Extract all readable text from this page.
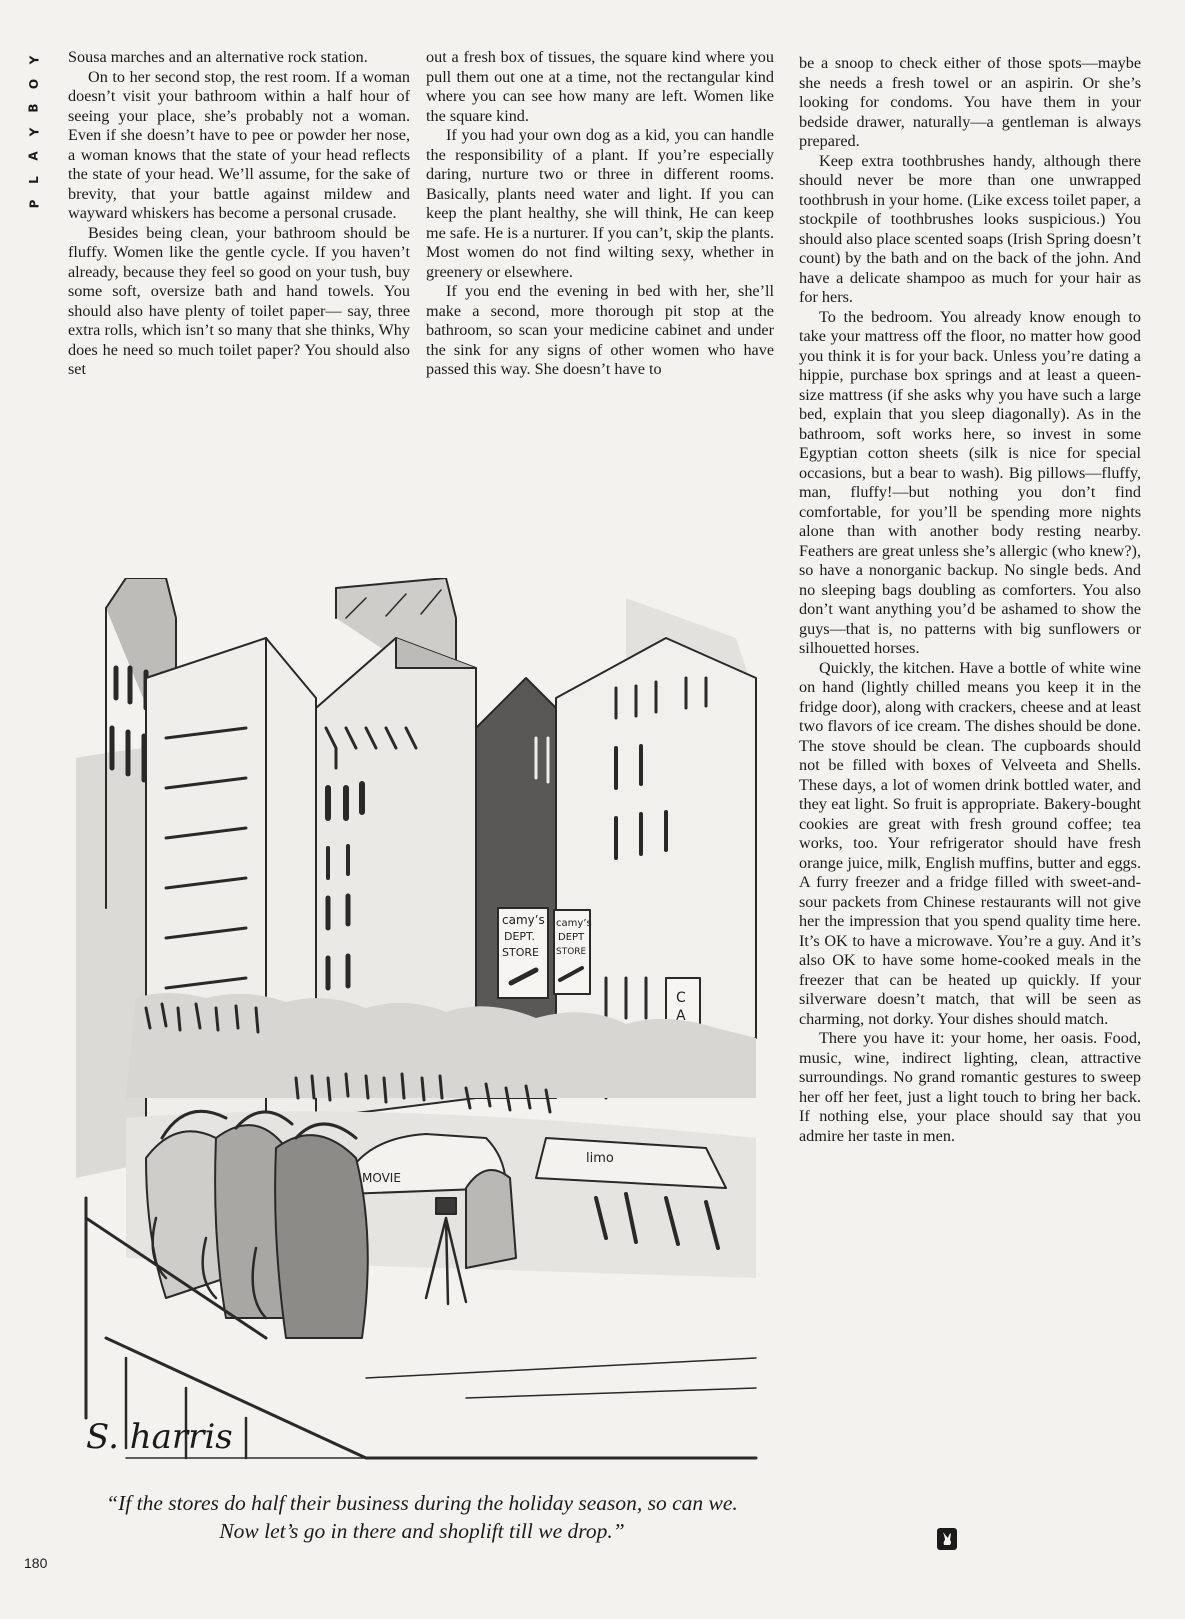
Y
O
B
Y
A
L
P

Sousa marches and an alternative rock station.

On to her second stop, the rest room. If a woman doesn’t visit your bathroom within a half hour of seeing your place, she’s probably not a woman. Even if she doesn’t have to pee or powder her nose, a woman knows that the state of your head reflects the state of your head. We’ll assume, for the sake of brevity, that your battle against mildew and wayward whiskers has become a personal crusade.

Besides being clean, your bathroom should be fluffy. Women like the gentle cycle. If you haven’t already, because they feel so good on your tush, buy some soft, oversize bath and hand towels. You should also have plenty of toilet paper— say, three extra rolls, which isn’t so many that she thinks, Why does he need so much toilet paper? You should also set

out a fresh box of tissues, the square kind where you pull them out one at a time, not the rectangular kind where you can see how many are left. Women like the square kind.

If you had your own dog as a kid, you can handle the responsibility of a plant. If you’re especially daring, nurture two or three in different rooms. Basically, plants need water and light. If you can keep the plant healthy, she will think, He can keep me safe. He is a nurturer. If you can’t, skip the plants. Most women do not find wilting sexy, whether in greenery or elsewhere.

If you end the evening in bed with her, she’ll make a second, more thorough pit stop at the bathroom, so scan your medicine cabinet and under the sink for any signs of other women who have passed this way. She doesn’t have to

be a snoop to check either of those spots—maybe she needs a fresh towel or an aspirin. Or she’s looking for condoms. You have them in your bedside drawer, naturally—a gentleman is always prepared.

Keep extra toothbrushes handy, although there should never be more than one unwrapped toothbrush in your home. (Like excess toilet paper, a stockpile of toothbrushes looks suspicious.) You should also place scented soaps (Irish Spring doesn’t count) by the bath and on the back of the john. And have a delicate shampoo as much for your hair as for hers.

To the bedroom. You already know enough to take your mattress off the floor, no matter how good you think it is for your back. Unless you’re dating a hippie, purchase box springs and at least a queen-size mattress (if she asks why you have such a large bed, explain that you sleep diagonally). As in the bathroom, soft works here, so invest in some Egyptian cotton sheets (silk is nice for special occasions, but a bear to wash). Big pillows—fluffy, man, fluffy!—but nothing you don’t find comfortable, for you’ll be spending more nights alone than with another body resting nearby. Feathers are great unless she’s allergic (who knew?), so have a nonorganic backup. No single beds. And no sleeping bags doubling as comforters. You also don’t want anything you’d be ashamed to show the guys—that is, no patterns with big sunflowers or silhouetted horses.

Quickly, the kitchen. Have a bottle of white wine on hand (lightly chilled means you keep it in the fridge door), along with crackers, cheese and at least two flavors of ice cream. The dishes should be done. The stove should be clean. The cupboards should not be filled with boxes of Velveeta and Shells. These days, a lot of women drink bottled water, and they eat light. So fruit is appropriate. Bakery-bought cookies are great with fresh ground coffee; tea works, too. Your refrigerator should have fresh orange juice, milk, English muffins, butter and eggs. A furry freezer and a fridge filled with sweet-and-sour packets from Chinese restaurants will not give her the impression that you spend quality time here. It’s OK to have a microwave. You’re a guy. And it’s also OK to have some home-cooked meals in the freezer that can be heated up quickly. If your silverware doesn’t match, that will be seen as charming, not dorky. Your dishes should match.

There you have it: your home, her oasis. Food, music, wine, indirect lighting, clean, attractive surroundings. No grand romantic gestures to sweep her off her feet, just a light touch to bring her back. If nothing else, your place should say that you admire her taste in men.

camy’s
DEPT.
STORE
camy’s
DEPT
STORE
C
A
MOVIE
limo
S. harris
“If the stores do half their business during the holiday season, so can we. Now let’s go in there and shoplift till we drop.”
180
